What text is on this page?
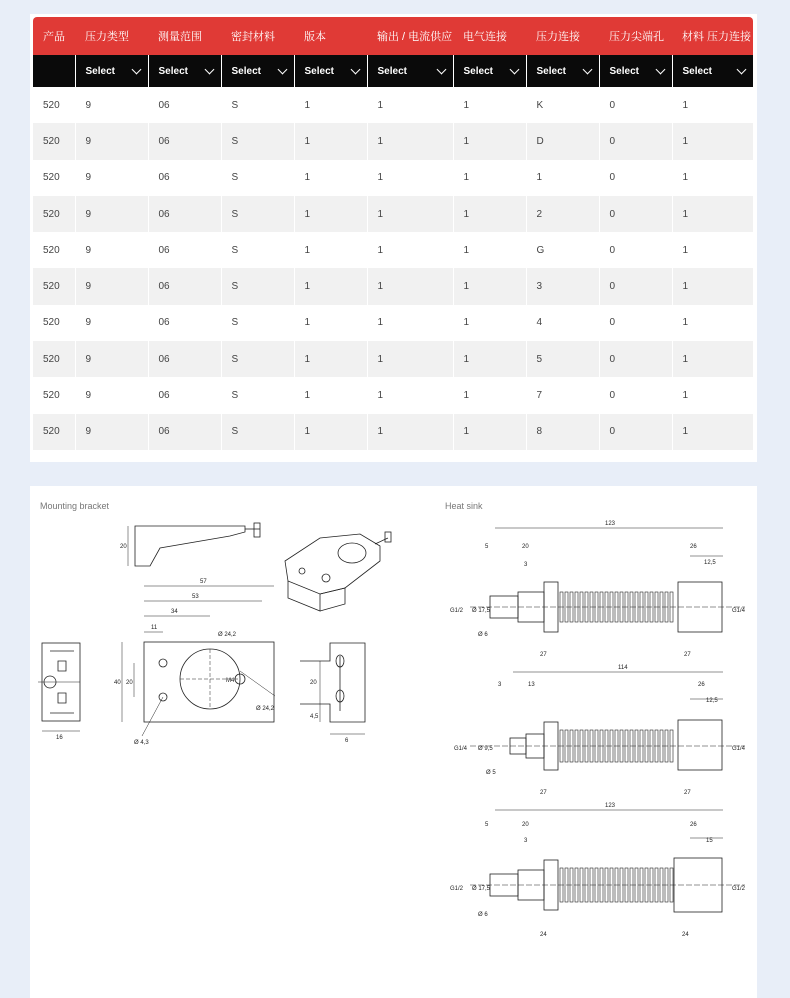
产品	压力类型	测量范围	密封材料	版本	输出 / 电流供应	电气连接	压力连接	压力尖端孔	材料 压力连接

	Select	Select	Select	Select	Select	Select	Select	Select	Select

520	9	06	S	1	1	1	K	0	1
520	9	06	S	1	1	1	D	0	1
520	9	06	S	1	1	1	1	0	1
520	9	06	S	1	1	1	2	0	1
520	9	06	S	1	1	1	G	0	1
520	9	06	S	1	1	1	3	0	1
520	9	06	S	1	1	1	4	0	1
520	9	06	S	1	1	1	5	0	1
520	9	06	S	1	1	1	7	0	1
520	9	06	S	1	1	1	8	0	1
Mounting bracket	Heat sink
57
53
34
11
40 20
20
20
16
4,5
6
Ø 4,3
Ø 24,2
M4
Ø 24,2
123
5	20
3
26
12,5
G1/2 Ø 17,5
Ø 6
27	27
G1/4
114
3	13	26
12,5
G1/4 Ø 9,5
Ø 5
27	27
G1/4
123
5	20
3
26
15
G1/2 Ø 17,5
Ø 6
24	24
G1/2
